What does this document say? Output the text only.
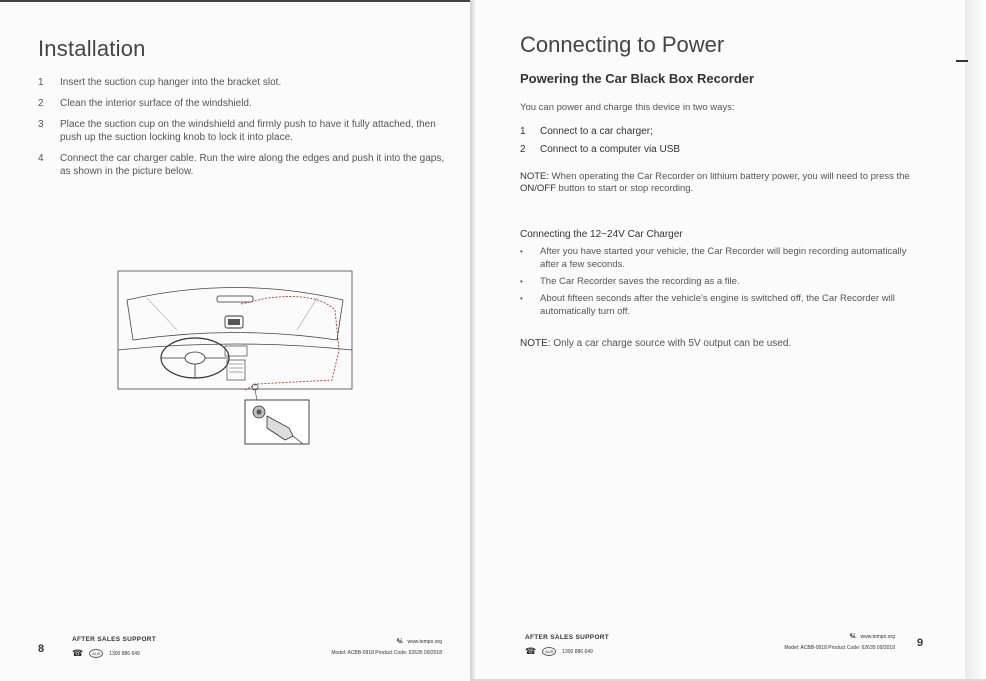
Installation
1	Insert the suction cup hanger into the bracket slot.
2	Clean the interior surface of the windshield.
3	Place the suction cup on the windshield and firmly push to have it fully attached, then push up the suction locking knob to lock it into place.
4	Connect the car charger cable. Run the wire along the edges and push it into the gaps, as shown in the picture below.
AFTER SALES SUPPORT
☎	AUS	1300 886 649
🖳 www.tempo.org
Model: ACBB-0918 Product Code: 62635 09/2018
8
Connecting to Power
Powering the Car Black Box Recorder
You can power and charge this device in two ways:
1	Connect to a car charger;
2	Connect to a computer via USB
NOTE: When operating the Car Recorder on lithium battery power, you will need to press the ON/OFF button to start or stop recording.
Connecting the 12~24V Car Charger
•	After you have started your vehicle, the Car Recorder will begin recording automatically after a few seconds.
•	The Car Recorder saves the recording as a file.
•	About fifteen seconds after the vehicle's engine is switched off, the Car Recorder will automatically turn off.
NOTE: Only a car charge source with 5V output can be used.
AFTER SALES SUPPORT
☎	AUS	1300 886 649
🖳 www.tempo.org
Model: ACBB-0918 Product Code: 62635 09/2018 9
